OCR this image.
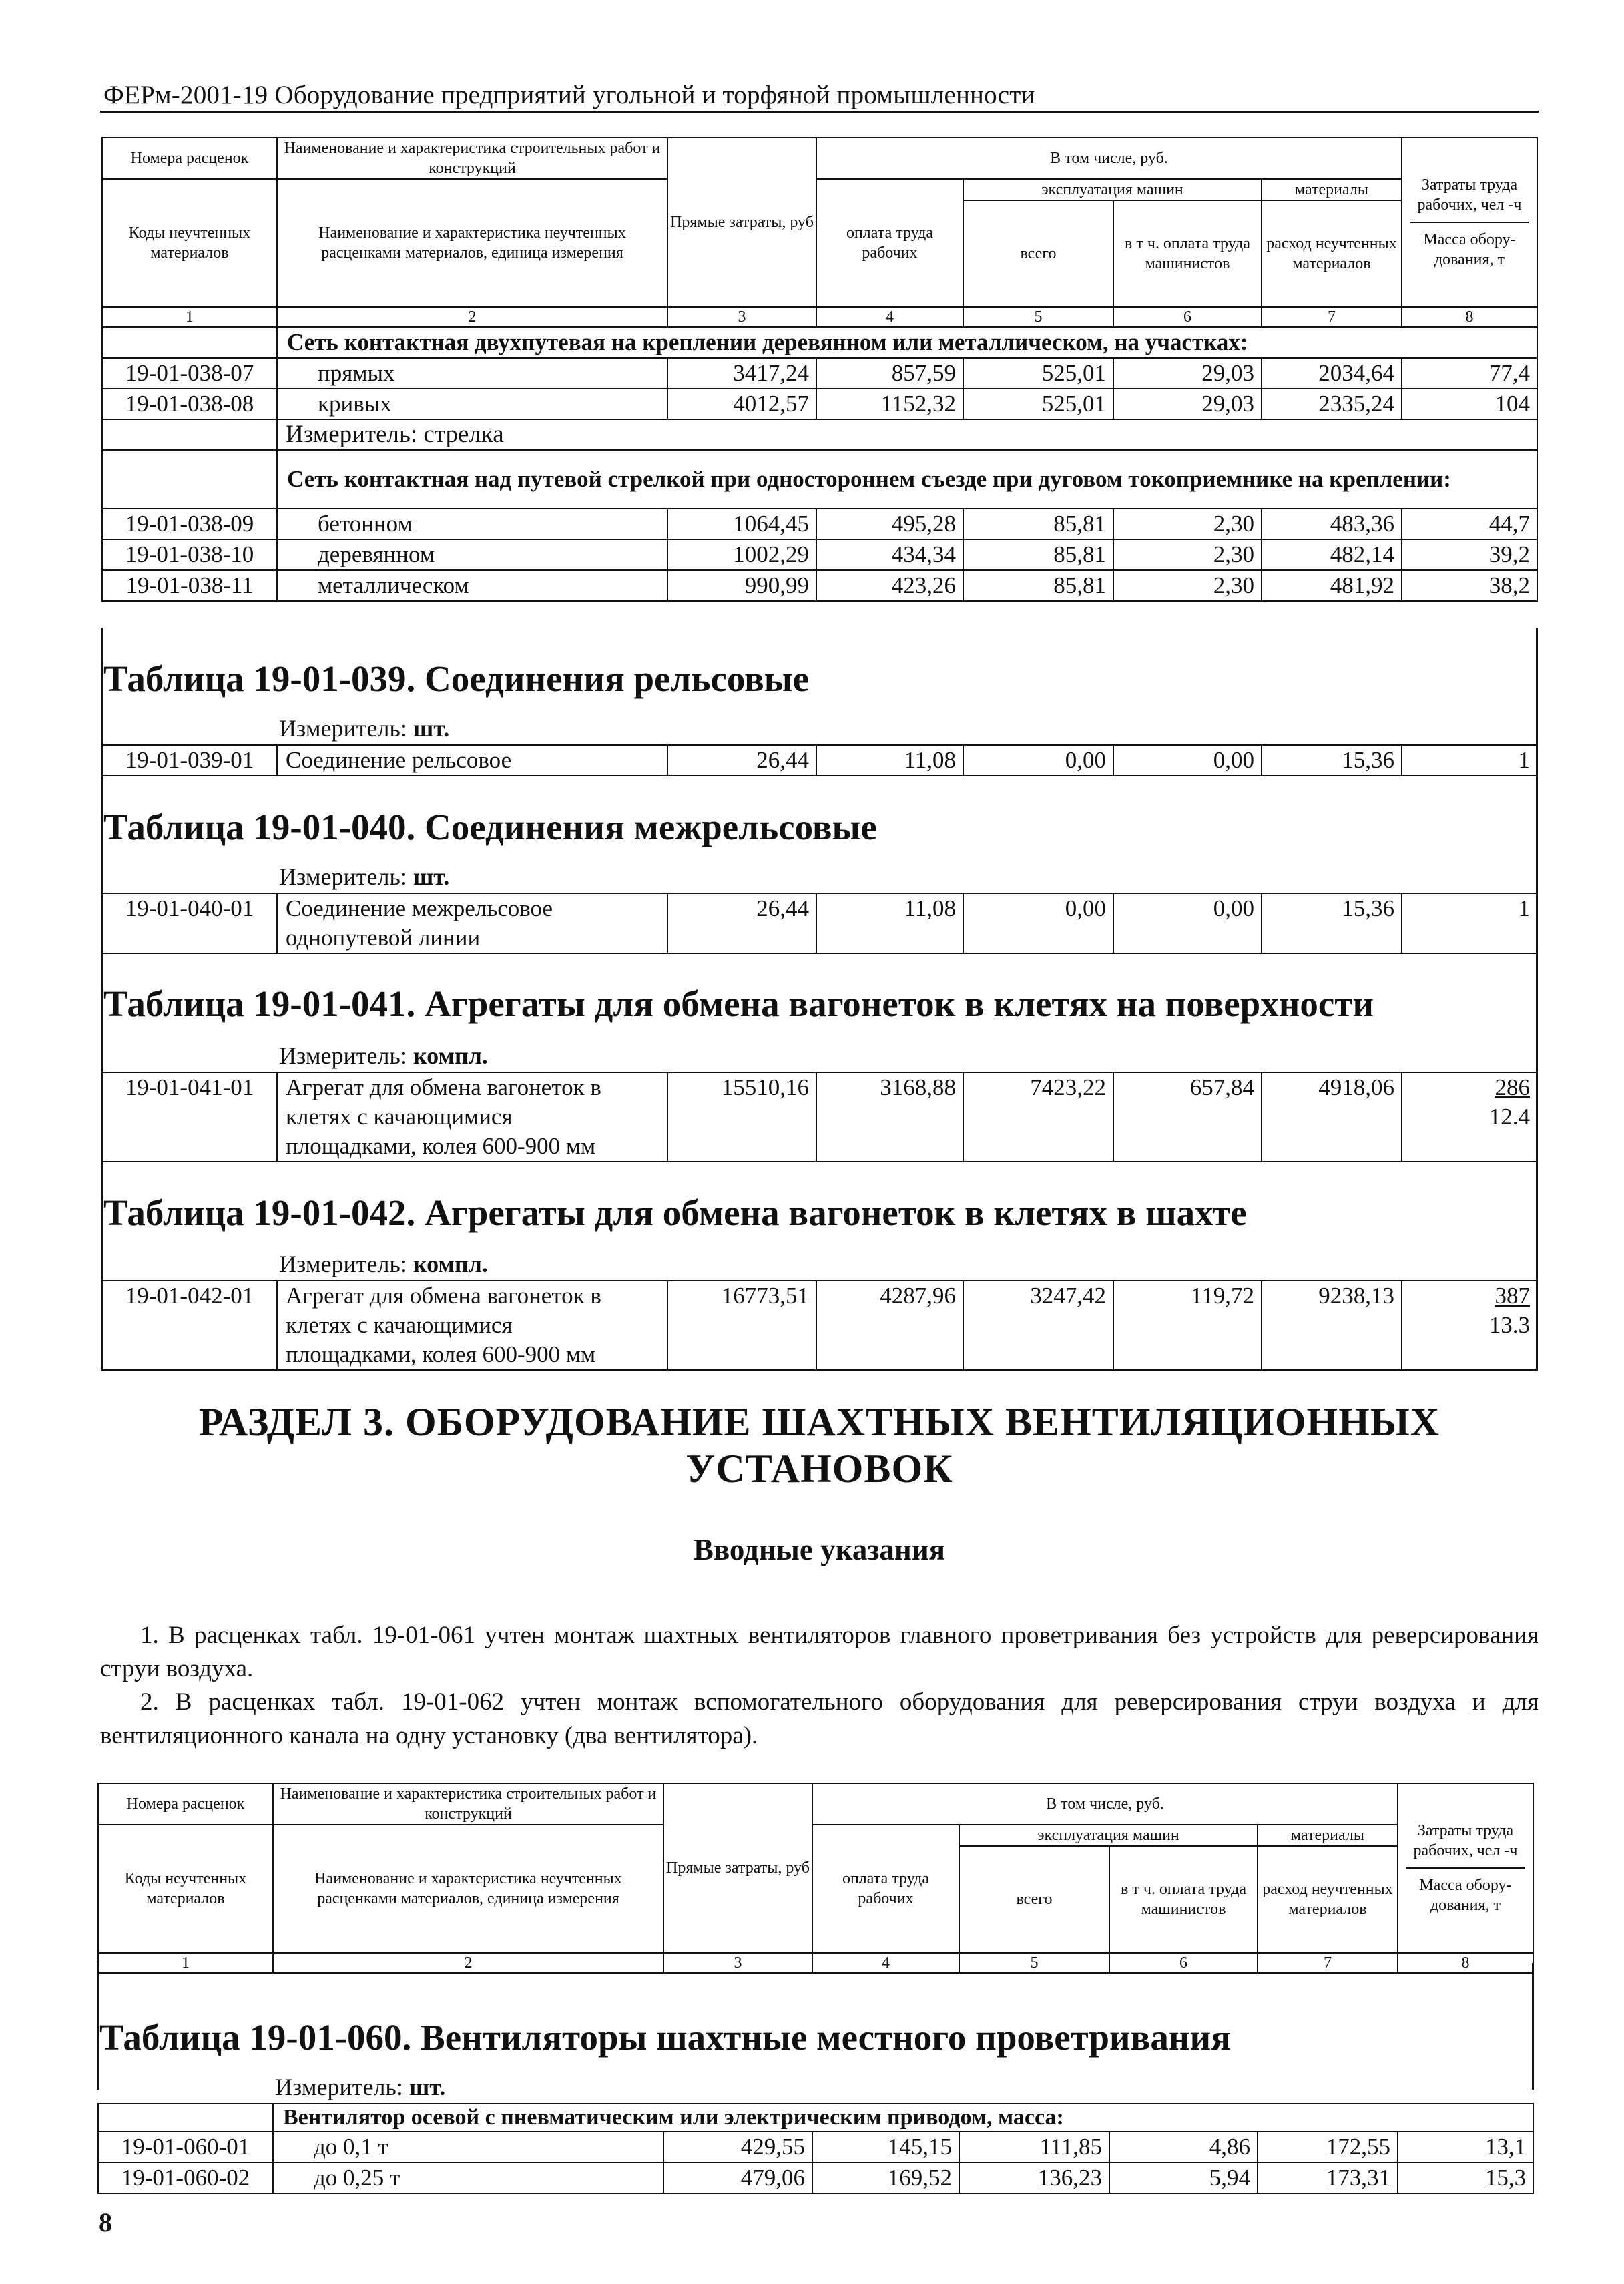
ФЕРм-2001-19 Оборудование предприятий угольной и торфяной промышленности
Номера расценок	Наименование и характеристика строительных работ и конструкций	Прямые затраты, руб	В том числе, руб.				Затраты труда рабочих, чел -ч
Масса обору-дования, т
Коды неучтенных материалов	Наименование и характеристика неучтенных расценками материалов, единица измерения		оплата труда рабочих	эксплуатация машин		материалы	
				всего	в т ч. оплата труда машинистов	расход неучтенных материалов	
1	2	3	4	5	6	7	8
	Сеть контактная двухпутевая на креплении деревянном или металлическом, на участках:						
19-01-038-07	прямых	3417,24	857,59	525,01	29,03	2034,64	77,4
19-01-038-08	кривых	4012,57	1152,32	525,01	29,03	2335,24	104
	Измеритель: стрелка						
	Сеть контактная над путевой стрелкой при одностороннем съезде при дуговом токоприемнике на креплении:						
19-01-038-09	бетонном	1064,45	495,28	85,81	2,30	483,36	44,7
19-01-038-10	деревянном	1002,29	434,34	85,81	2,30	482,14	39,2
19-01-038-11	металлическом	990,99	423,26	85,81	2,30	481,92	38,2
Таблица 19-01-039. Соединения рельсовые
Измеритель: шт.
19-01-039-01	Соединение рельсовое	26,44	11,08	0,00	0,00	15,36	1
Таблица 19-01-040. Соединения межрельсовые
Измеритель: шт.
19-01-040-01	Соединение межрельсовое
однопутевой линии
	26,44	11,08	0,00	0,00	15,36	1
Таблица 19-01-041. Агрегаты для обмена вагонеток в клетях на поверхности
Измеритель: компл.
19-01-041-01	Агрегат для обмена вагонеток в
клетях с качающимися
площадками, колея 600-900 мм
	15510,16	3168,88	7423,22	657,84	4918,06	286
12.4
Таблица 19-01-042. Агрегаты для обмена вагонеток в клетях в шахте
Измеритель: компл.
19-01-042-01	Агрегат для обмена вагонеток в
клетях с качающимися
площадками, колея 600-900 мм
	16773,51	4287,96	3247,42	119,72	9238,13	387
13.3
РАЗДЕЛ 3. ОБОРУДОВАНИЕ ШАХТНЫХ ВЕНТИЛЯЦИОННЫХ
УСТАНОВОК
Вводные указания
1. В расценках табл. 19-01-061 учтен монтаж шахтных вентиляторов главного проветривания без устройств для реверсирования струи воздуха.
2. В расценках табл. 19-01-062 учтен монтаж вспомогательного оборудования для реверсирования струи воздуха и для вентиляционного канала на одну установку (два вентилятора).
Номера расценок	Наименование и характеристика строительных работ и конструкций	Прямые затраты, руб	В том числе, руб.				Затраты труда рабочих, чел -ч
Масса обору-дования, т
Коды неучтенных материалов	Наименование и характеристика неучтенных расценками материалов, единица измерения		оплата труда рабочих	эксплуатация машин		материалы	
				всего	в т ч. оплата труда машинистов	расход неучтенных материалов	
1	2	3	4	5	6	7	8
Таблица 19-01-060. Вентиляторы шахтные местного проветривания
Измеритель: шт.
	Вентилятор осевой с пневматическим или электрическим приводом, масса:						
19-01-060-01	до 0,1 т	429,55	145,15	111,85	4,86	172,55	13,1
19-01-060-02	до 0,25 т	479,06	169,52	136,23	5,94	173,31	15,3
8
